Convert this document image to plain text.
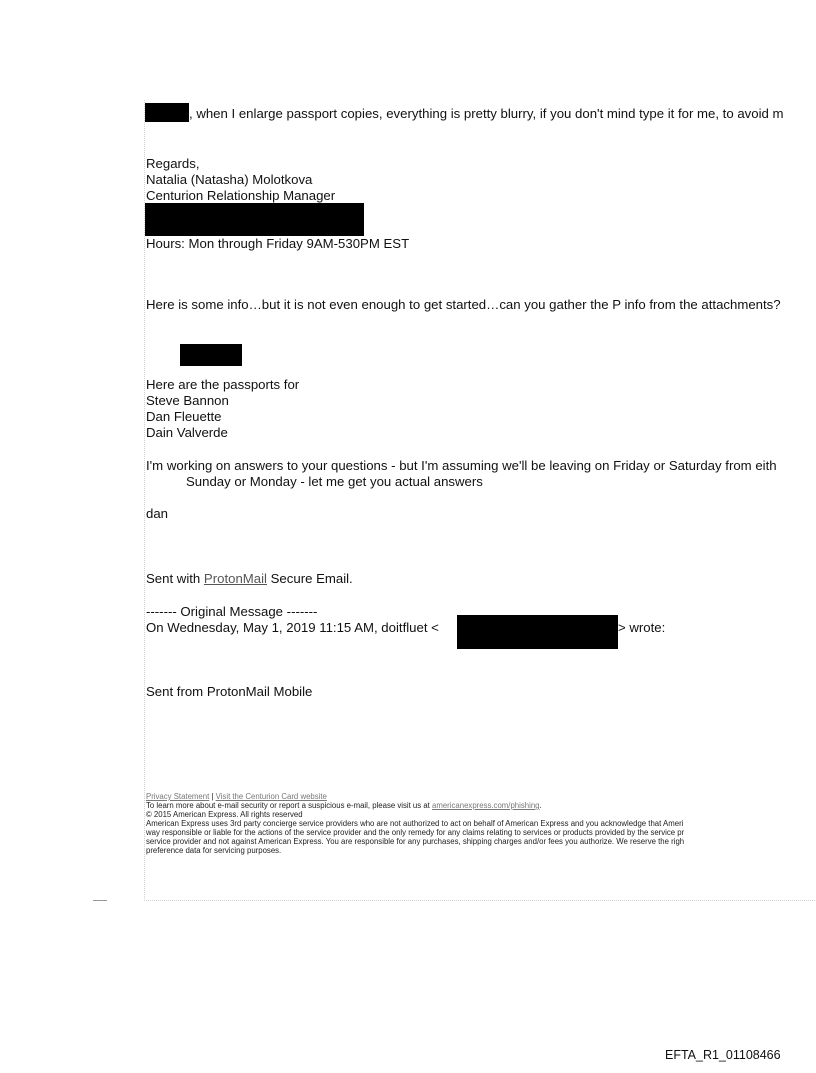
, when I enlarge passport copies, everything is pretty blurry, if you don't mind type it for me, to avoid m
Regards,
Natalia (Natasha) Molotkova
Centurion Relationship Manager
Hours: Mon through Friday 9AM-530PM EST
Here is some info…but it is not even enough to get started…can you gather the P info from the attachments?
Here are the passports for
Steve Bannon
Dan Fleuette
Dain Valverde
I'm working on answers to your questions - but I'm assuming we'll be leaving on Friday or Saturday from eith
Sunday or Monday - let me get you actual answers
dan
Sent with ProtonMail Secure Email.
------- Original Message -------
On Wednesday, May 1, 2019 11:15 AM, doitfluet <	> wrote:
Sent from ProtonMail Mobile
Privacy Statement | Visit the Centurion Card website
To learn more about e-mail security or report a suspicious e-mail, please visit us at americanexpress.com/phishing.
© 2015 American Express. All rights reserved
American Express uses 3rd party concierge service providers who are not authorized to act on behalf of American Express and you acknowledge that Ameri
way responsible or liable for the actions of the service provider and the only remedy for any claims relating to services or products provided by the service pr
service provider and not against American Express. You are responsible for any purchases, shipping charges and/or fees you authorize. We reserve the righ
preference data for servicing purposes.
EFTA_R1_01108466
